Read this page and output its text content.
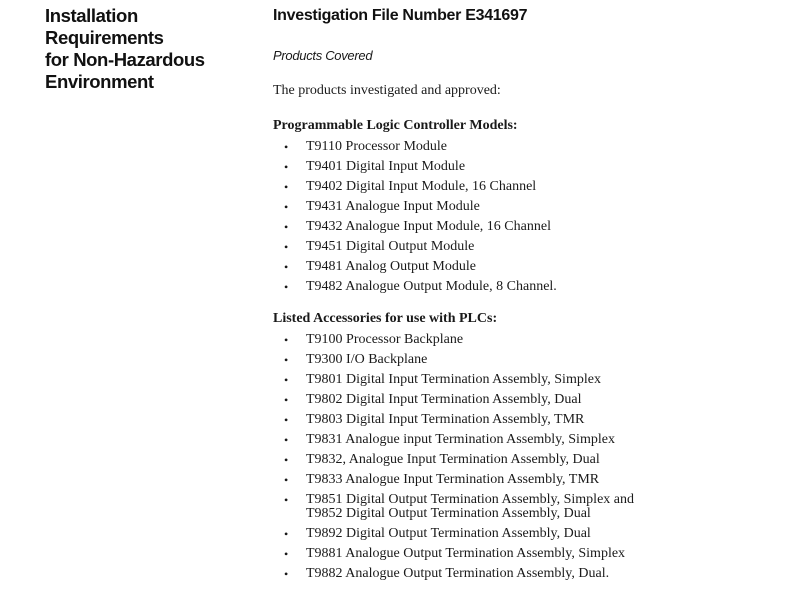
Installation Requirements
for Non-Hazardous
Environment
Investigation File Number E341697
Products Covered
The products investigated and approved:
Programmable Logic Controller Models:
• T9110 Processor Module
• T9401 Digital Input Module
• T9402 Digital Input Module, 16 Channel
• T9431 Analogue Input Module
• T9432 Analogue Input Module, 16 Channel
• T9451 Digital Output Module
• T9481 Analog Output Module
• T9482 Analogue Output Module, 8 Channel.
Listed Accessories for use with PLCs:
• T9100 Processor Backplane
• T9300 I/O Backplane
• T9801 Digital Input Termination Assembly, Simplex
• T9802 Digital Input Termination Assembly, Dual
• T9803 Digital Input Termination Assembly, TMR
• T9831 Analogue input Termination Assembly, Simplex
• T9832, Analogue Input Termination Assembly, Dual
• T9833 Analogue Input Termination Assembly, TMR
• T9851 Digital Output Termination Assembly, Simplex and
T9852 Digital Output Termination Assembly, Dual
• T9892 Digital Output Termination Assembly, Dual
• T9881 Analogue Output Termination Assembly, Simplex
• T9882 Analogue Output Termination Assembly, Dual.
